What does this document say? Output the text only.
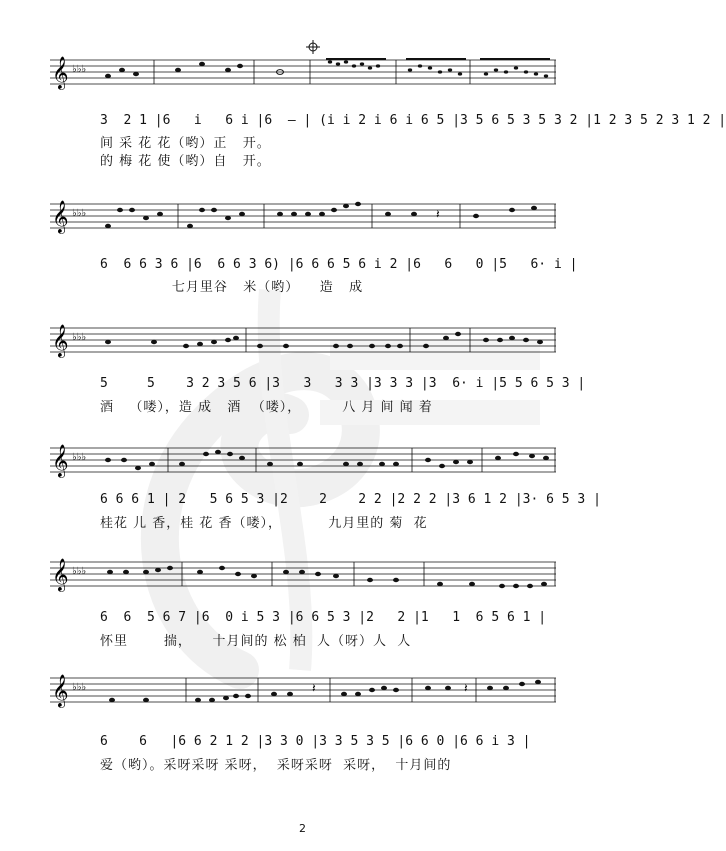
𝄞 ♭♭♭
3  2 1 |6   i   6 i |6  – | (i i 2 i 6 i 6 5 |3 5 6 5 3 5 3 2 |1 2 3 5 2 3 1 2 |
间 采 花 花（哟）正   开。
的 梅 花 使（哟）自   开。
𝄞 ♭♭♭	𝄽
6  6 6 3 6 |6  6 6 3 6) |6 6 6 5 6 i 2 |6   6   0 |5   6· i |
七月里谷   米（哟）    造   成
𝄞 ♭♭♭
5     5    3 2 3 5 6 |3   3   3 3 |3 3 3 |3  6· i |5 5 6 5 3 |
酒   （喽），造 成   酒  （喽），        八 月 间 闻 着
𝄞 ♭♭♭
6 6 6 1 | 2   5 6 5 3 |2    2    2 2 |2 2 2 |3 6 1 2 |3· 6 5 3 |
桂花 儿 香，桂 花 香（喽），         九月里的 菊  花
𝄞 ♭♭♭
6  6  5 6 7 |6  0 i 5 3 |6 6 5 3 |2   2 |1   1  6 5 6 1 |
怀里       揣，    十月间的 松 柏  人（呀）人  人
𝄞 ♭♭♭	𝄽	𝄽
6    6   |6 6 2 1 2 |3 3 0 |3 3 5 3 5 |6 6 0 |6 6 i 3 |
爱（哟）。采呀采呀 采呀，  采呀采呀  采呀，  十月间的
2
